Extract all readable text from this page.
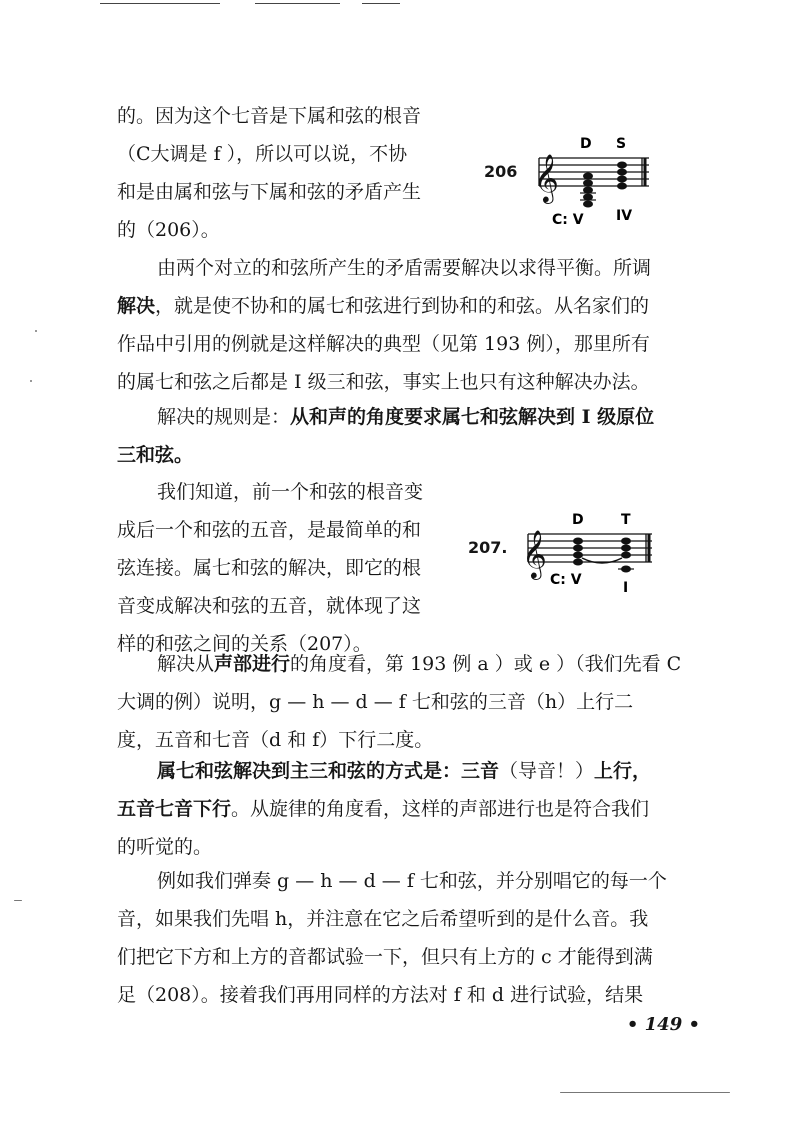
的。因为这个七音是下属和弦的根音
（C大调是 f ），所以可以说，不协
和是由属和弦与下属和弦的矛盾产生
的（206）。

206 𝄞
D S
C: V IV

由两个对立的和弦所产生的矛盾需要解决以求得平衡。所调
解决，就是使不协和的属七和弦进行到协和的和弦。从名家们的
作品中引用的例就是这样解决的典型（见第 193 例），那里所有
的属七和弦之后都是 I 级三和弦，事实上也只有这种解决办法。

解决的规则是：从和声的角度要求属七和弦解决到 I 级原位
三和弦。

我们知道，前一个和弦的根音变
成后一个和弦的五音，是最简单的和
弦连接。属七和弦的解决，即它的根
音变成解决和弦的五音，就体现了这
样的和弦之间的关系（207）。

207. 𝄞
D	T
C: V	I

解决从声部进行的角度看，第 193 例 a ）或 e ）（我们先看 C
大调的例）说明，g — h — d — f 七和弦的三音（h）上行二
度，五音和七音（d 和 f）下行二度。

属七和弦解决到主三和弦的方式是：三音（导音！）上行，
五音七音下行。从旋律的角度看，这样的声部进行也是符合我们
的听觉的。

例如我们弹奏 g — h — d — f 七和弦，并分别唱它的每一个
音，如果我们先唱 h，并注意在它之后希望听到的是什么音。我
们把它下方和上方的音都试验一下，但只有上方的 c 才能得到满
足（208）。接着我们再用同样的方法对 f 和 d 进行试验，结果

• 149 •
